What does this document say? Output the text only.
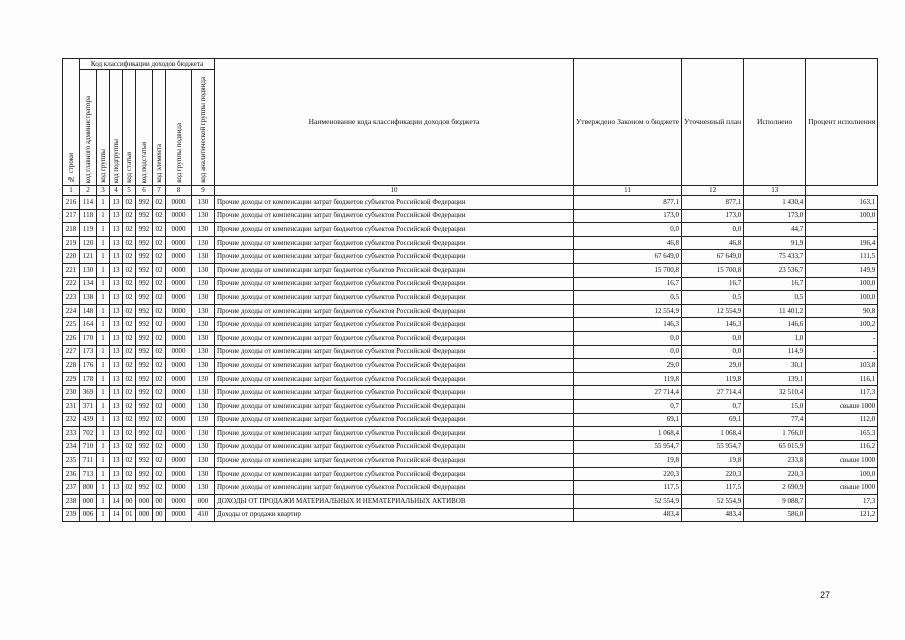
№ строки	Код классификации доходов бюджета								Наименование кода классификации доходов бюджета	Утверждено Законом о бюджете	Уточненный план	Исполнено	Процент исполнения
	код главного администратора	код группы	код подгруппы	код статьи	код подстатьи	код элемента	код группы подвида	код аналитической группы подвида					
1	2	3	4	5	6	7	8	9	10	11	12	13	
216	114	1	13	02	992	02	0000	130	Прочие доходы от компенсации затрат бюджетов субъектов Российской Федерации	877,1	877,1	1 430,4	163,1
217	118	1	13	02	992	02	0000	130	Прочие доходы от компенсации затрат бюджетов субъектов Российской Федерации	173,0	173,0	173,0	100,0
218	119	1	13	02	992	02	0000	130	Прочие доходы от компенсации затрат бюджетов субъектов Российской Федерации	0,0	0,0	44,7	-
219	120	1	13	02	992	02	0000	130	Прочие доходы от компенсации затрат бюджетов субъектов Российской Федерации	46,8	46,8	91,9	196,4
220	121	1	13	02	992	02	0000	130	Прочие доходы от компенсации затрат бюджетов субъектов Российской Федерации	67 649,0	67 649,0	75 433,7	111,5
221	130	1	13	02	992	02	0000	130	Прочие доходы от компенсации затрат бюджетов субъектов Российской Федерации	15 700,8	15 700,8	23 536,7	149,9
222	134	1	13	02	992	02	0000	130	Прочие доходы от компенсации затрат бюджетов субъектов Российской Федерации	16,7	16,7	16,7	100,0
223	138	1	13	02	992	02	0000	130	Прочие доходы от компенсации затрат бюджетов субъектов Российской Федерации	0,5	0,5	0,5	100,0
224	148	1	13	02	992	02	0000	130	Прочие доходы от компенсации затрат бюджетов субъектов Российской Федерации	12 554,9	12 554,9	11 401,2	90,8
225	164	1	13	02	992	02	0000	130	Прочие доходы от компенсации затрат бюджетов субъектов Российской Федерации	146,3	146,3	146,6	100,2
226	170	1	13	02	992	02	0000	130	Прочие доходы от компенсации затрат бюджетов субъектов Российской Федерации	0,0	0,0	1,0	-
227	173	1	13	02	992	02	0000	130	Прочие доходы от компенсации затрат бюджетов субъектов Российской Федерации	0,0	0,0	114,9	-
228	176	1	13	02	992	02	0000	130	Прочие доходы от компенсации затрат бюджетов субъектов Российской Федерации	29,0	29,0	30,1	103,8
229	178	1	13	02	992	02	0000	130	Прочие доходы от компенсации затрат бюджетов субъектов Российской Федерации	119,8	119,8	139,1	116,1
230	369	1	13	02	992	02	0000	130	Прочие доходы от компенсации затрат бюджетов субъектов Российской Федерации	27 714,4	27 714,4	32 510,4	117,3
231	371	1	13	02	992	02	0000	130	Прочие доходы от компенсации затрат бюджетов субъектов Российской Федерации	0,7	0,7	15,0	свыше 1000
232	439	1	13	02	992	02	0000	130	Прочие доходы от компенсации затрат бюджетов субъектов Российской Федерации	69,1	69,1	77,4	112,0
233	702	1	13	02	992	02	0000	130	Прочие доходы от компенсации затрат бюджетов субъектов Российской Федерации	1 068,4	1 068,4	1 766,0	165,3
234	710	1	13	02	992	02	0000	130	Прочие доходы от компенсации затрат бюджетов субъектов Российской Федерации	55 954,7	55 954,7	65 015,9	116,2
235	711	1	13	02	992	02	0000	130	Прочие доходы от компенсации затрат бюджетов субъектов Российской Федерации	19,8	19,8	233,8	свыше 1000
236	713	1	13	02	992	02	0000	130	Прочие доходы от компенсации затрат бюджетов субъектов Российской Федерации	220,3	220,3	220,3	100,0
237	800	1	13	02	992	02	0000	130	Прочие доходы от компенсации затрат бюджетов субъектов Российской Федерации	117,5	117,5	2 690,9	свыше 1000
238	000	1	14	00	000	00	0000	000	ДОХОДЫ ОТ ПРОДАЖИ МАТЕРИАЛЬНЫХ И НЕМАТЕРИАЛЬНЫХ АКТИВОВ	52 554,9	52 554,9	9 088,7	17,3
239	006	1	14	01	000	00	0000	410	Доходы от продажи квартир	483,4	483,4	586,0	121,2
27
